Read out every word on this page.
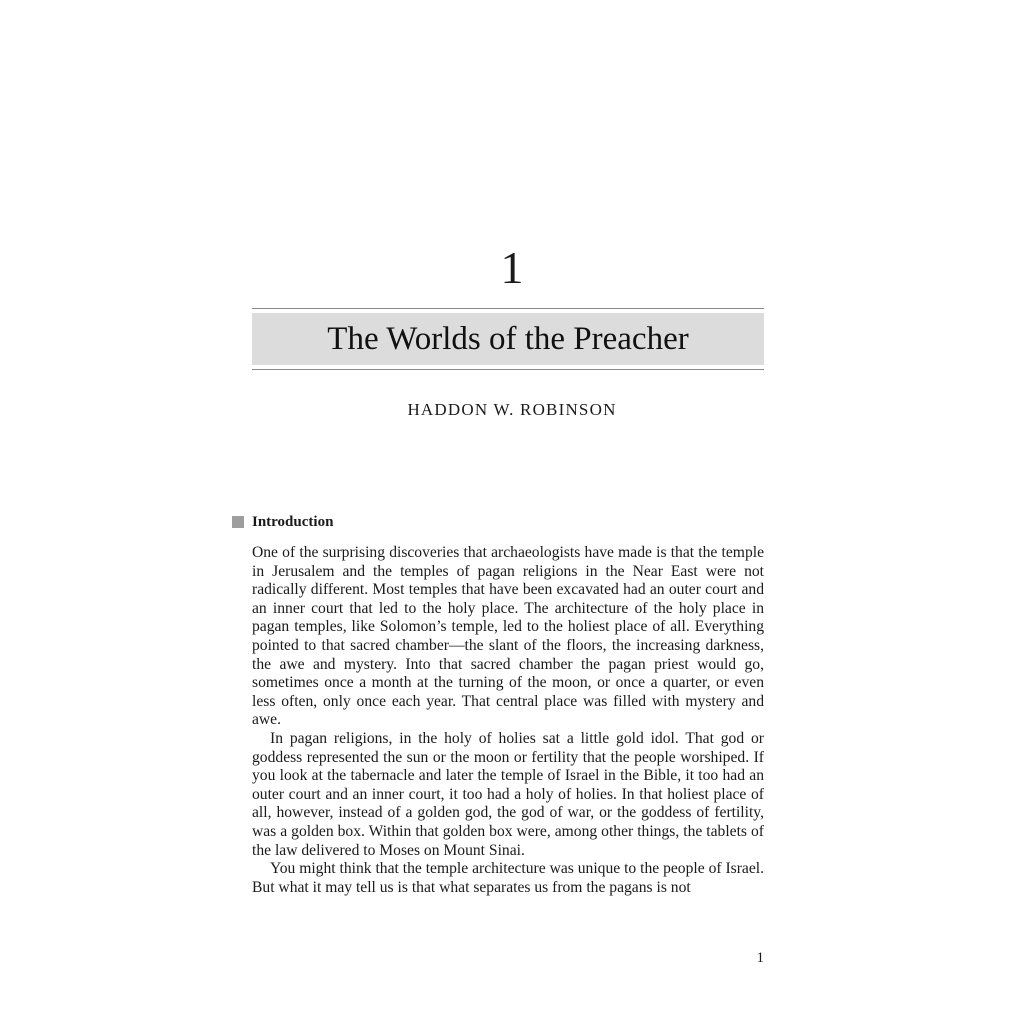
1
The Worlds of the Preacher
HADDON W. ROBINSON
Introduction

One of the surprising discoveries that archaeologists have made is that the temple in Jerusalem and the temples of pagan religions in the Near East were not radically different. Most temples that have been excavated had an outer court and an inner court that led to the holy place. The architecture of the holy place in pagan temples, like Solomon’s temple, led to the holiest place of all. Everything pointed to that sacred chamber—the slant of the floors, the increasing darkness, the awe and mystery. Into that sacred chamber the pagan priest would go, sometimes once a month at the turning of the moon, or once a quarter, or even less often, only once each year. That central place was filled with mystery and awe.

In pagan religions, in the holy of holies sat a little gold idol. That god or goddess represented the sun or the moon or fertility that the people worshiped. If you look at the tabernacle and later the temple of Israel in the Bible, it too had an outer court and an inner court, it too had a holy of holies. In that holiest place of all, however, instead of a golden god, the god of war, or the goddess of fertility, was a golden box. Within that golden box were, among other things, the tablets of the law delivered to Moses on Mount Sinai.

You might think that the temple architecture was unique to the people of Israel. But what it may tell us is that what separates us from the pagans is not

1
